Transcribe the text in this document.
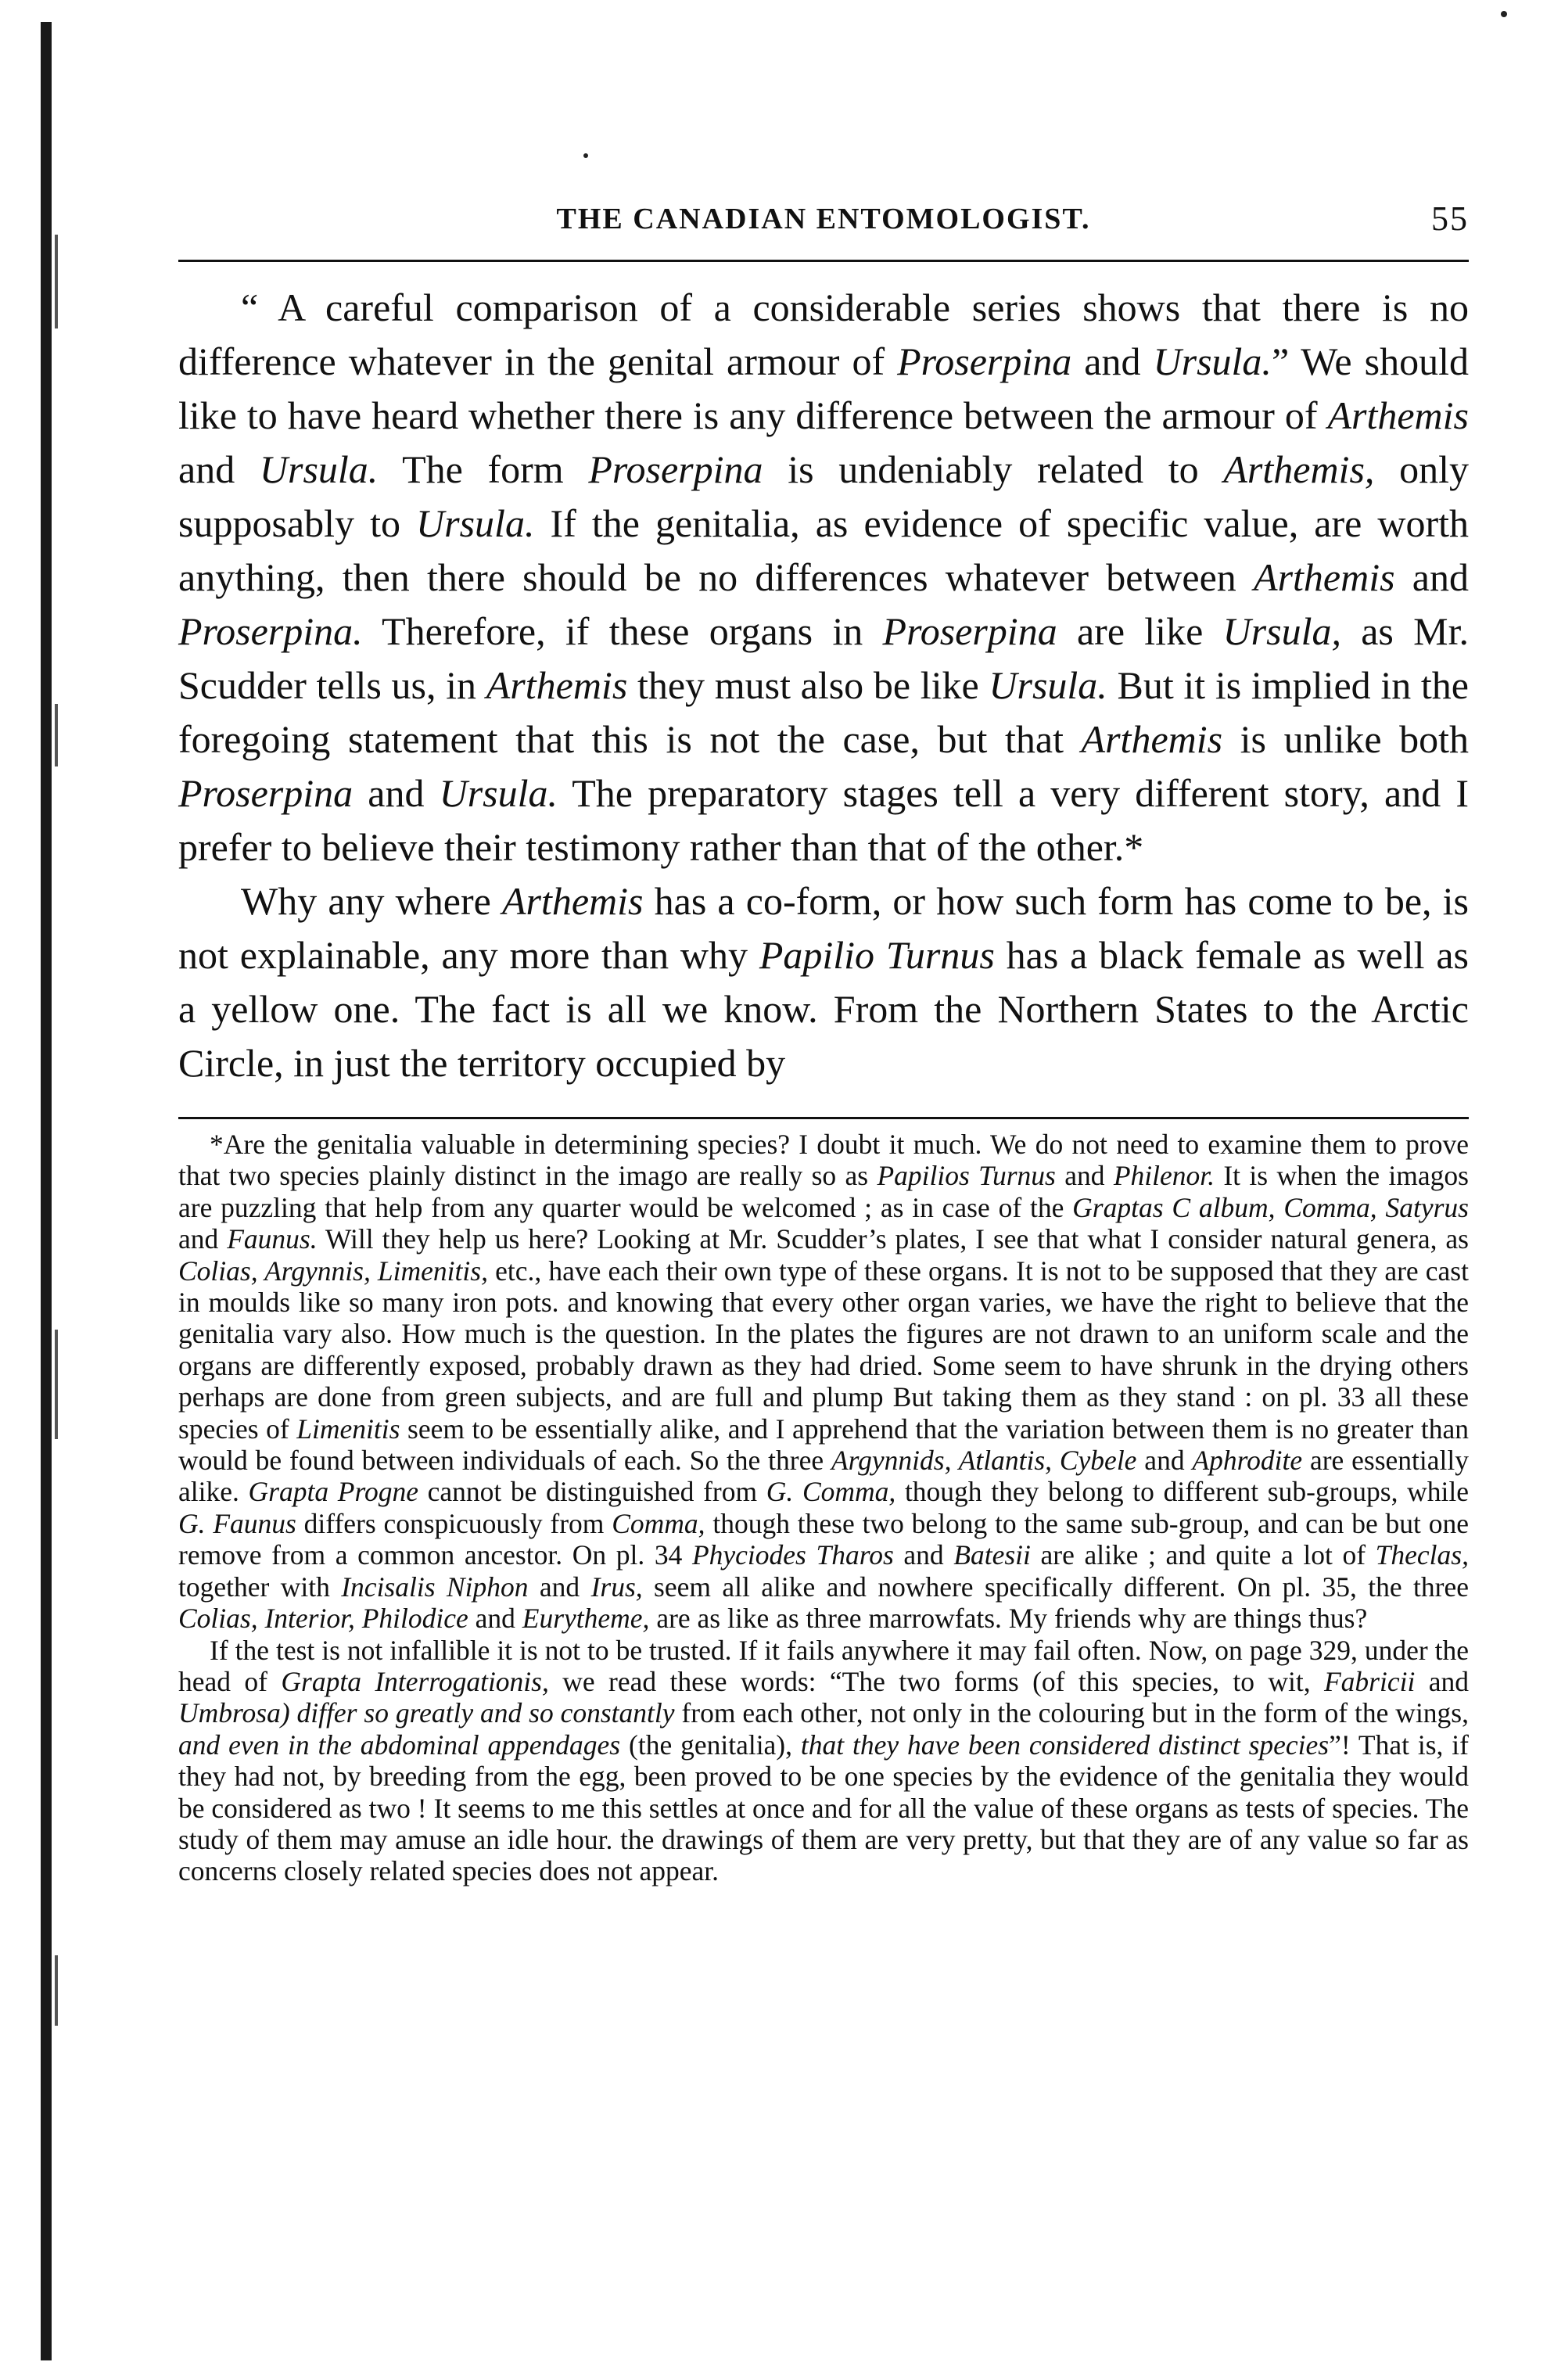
THE CANADIAN ENTOMOLOGIST.	55

“ A careful comparison of a considerable series shows that there is no difference whatever in the genital armour of Proserpina and Ursula.” We should like to have heard whether there is any difference between the armour of Arthemis and Ursula. The form Proserpina is undeniably related to Arthemis, only supposably to Ursula. If the genitalia, as evidence of specific value, are worth anything, then there should be no differences whatever between Arthemis and Proserpina. Therefore, if these organs in Proserpina are like Ursula, as Mr. Scudder tells us, in Arthemis they must also be like Ursula. But it is implied in the foregoing statement that this is not the case, but that Arthemis is unlike both Proserpina and Ursula. The preparatory stages tell a very different story, and I prefer to believe their testimony rather than that of the other.*

Why any where Arthemis has a co-form, or how such form has come to be, is not explainable, any more than why Papilio Turnus has a black female as well as a yellow one. The fact is all we know. From the Northern States to the Arctic Circle, in just the territory occupied by

*Are the genitalia valuable in determining species? I doubt it much. We do not need to examine them to prove that two species plainly distinct in the imago are really so as Papilios Turnus and Philenor. It is when the imagos are puzzling that help from any quarter would be welcomed ; as in case of the Graptas C album, Comma, Satyrus and Faunus. Will they help us here? Looking at Mr. Scudder’s plates, I see that what I consider natural genera, as Colias, Argynnis, Limenitis, etc., have each their own type of these organs. It is not to be supposed that they are cast in moulds like so many iron pots. and knowing that every other organ varies, we have the right to believe that the genitalia vary also. How much is the question. In the plates the figures are not drawn to an uniform scale and the organs are differently exposed, probably drawn as they had dried. Some seem to have shrunk in the drying others perhaps are done from green subjects, and are full and plump But taking them as they stand : on pl. 33 all these species of Limenitis seem to be essentially alike, and I apprehend that the variation between them is no greater than would be found between individuals of each. So the three Argynnids, Atlantis, Cybele and Aphrodite are essentially alike. Grapta Progne cannot be distinguished from G. Comma, though they belong to different sub-groups, while G. Faunus differs conspicuously from Comma, though these two belong to the same sub-group, and can be but one remove from a common ancestor. On pl. 34 Phyciodes Tharos and Batesii are alike ; and quite a lot of Theclas, together with Incisalis Niphon and Irus, seem all alike and nowhere specifically different. On pl. 35, the three Colias, Interior, Philodice and Eurytheme, are as like as three marrowfats. My friends why are things thus?

If the test is not infallible it is not to be trusted. If it fails anywhere it may fail often. Now, on page 329, under the head of Grapta Interrogationis, we read these words: “The two forms (of this species, to wit, Fabricii and Umbrosa) differ so greatly and so constantly from each other, not only in the colouring but in the form of the wings, and even in the abdominal appendages (the genitalia), that they have been considered distinct species”! That is, if they had not, by breeding from the egg, been proved to be one species by the evidence of the genitalia they would be considered as two ! It seems to me this settles at once and for all the value of these organs as tests of species. The study of them may amuse an idle hour. the drawings of them are very pretty, but that they are of any value so far as concerns closely related species does not appear.
